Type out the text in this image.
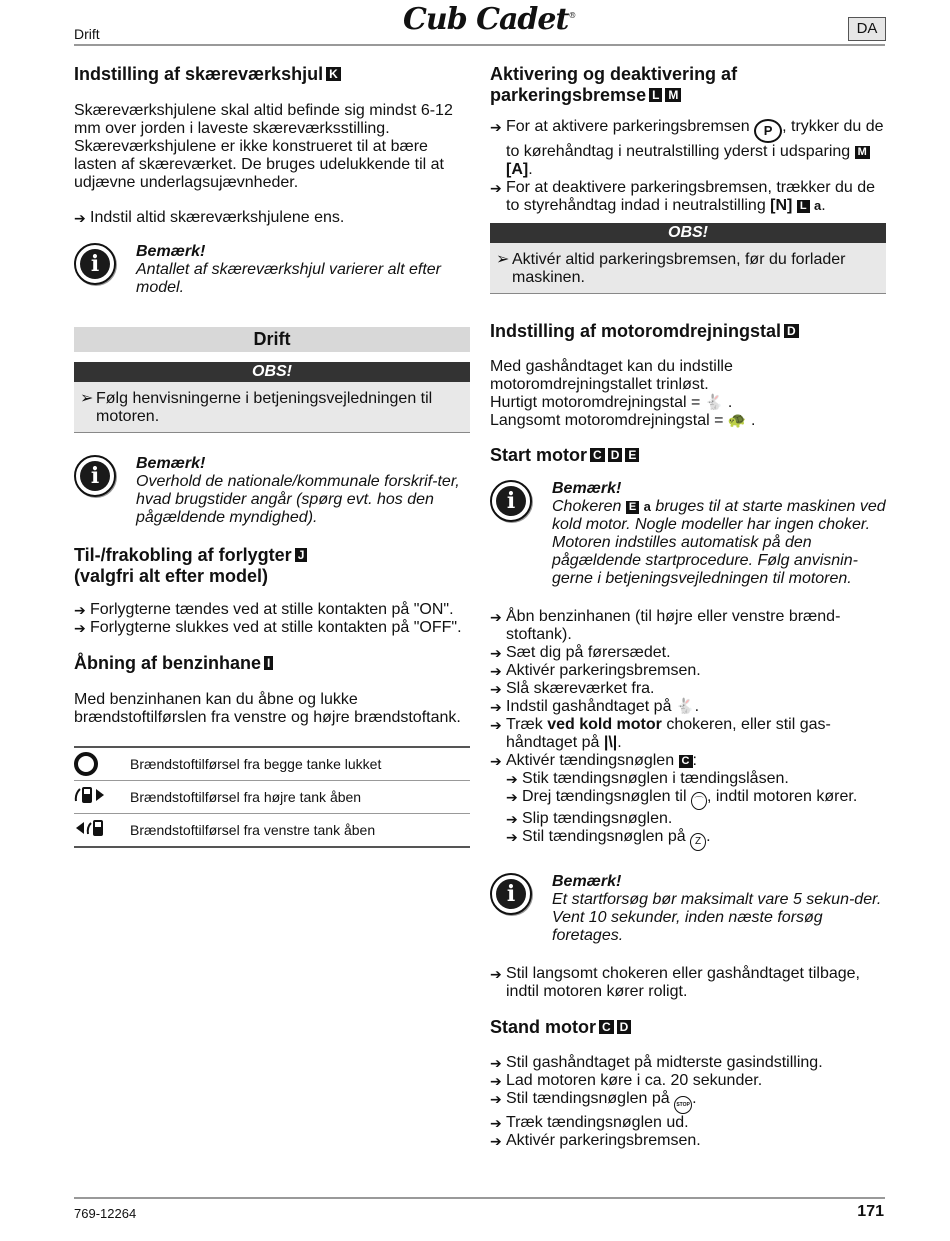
Drift	Cub Cadet®
DA
Indstilling af skæreværkshjul K

Skæreværkshjulene skal altid befinde sig mindst 6-12 mm over jorden i laveste skæreværksstilling. Skæreværkshjulene er ikke konstrueret til at bære lasten af skæreværket. De bruges udelukkende til at udjævne underlagsujævnheder.

➔ Indstil altid skæreværkshjulene ens.
i	Bemærk!
Antallet af skæreværkshjul varierer alt efter model.
Drift
OBS!
➢ Følg henvisningerne i betjeningsvejledningen til motoren.
i	Bemærk!
Overhold de nationale/kommunale forskrif-ter, hvad brugstider angår (spørg evt. hos den pågældende myndighed).
Til-/frakobling af forlygter J
(valgfri alt efter model)
➔ Forlygterne tændes ved at stille kontakten på "ON".
➔ Forlygterne slukkes ved at stille kontakten på "OFF".
Åbning af benzinhane I

Med benzinhanen kan du åbne og lukke brændstoftilførslen fra venstre og højre brændstoftank.

	Brændstoftilførsel fra begge tanke lukket
	Brændstoftilførsel fra højre tank åben
	Brændstoftilførsel fra venstre tank åben
Aktivering og deaktivering af
parkeringsbremse L M
➔ For at aktivere parkeringsbremsen P , trykker du de to kørehåndtag i neutralstilling yderst i udsparing M [A].
➔ For at deaktivere parkeringsbremsen, trækker du de to styrehåndtag indad i neutralstilling [N] L a.
OBS!
➢ Aktivér altid parkeringsbremsen, før du forlader maskinen.
Indstilling af motoromdrejningstal D

Med gashåndtaget kan du indstille

motoromdrejningstallet trinløst.

Hurtigt motoromdrejningstal = 🐇 .

Langsomt motoromdrejningstal = 🐢 .

Start motor C D E
i	Bemærk!
Chokeren E a bruges til at starte maskinen ved kold motor. Nogle modeller har ingen choker. Motoren indstilles automatisk på den pågældende startprocedure. Følg anvisnin-gerne i betjeningsvejledningen til motoren.
➔ Åbn benzinhanen (til højre eller venstre brænd-stoftank).
➔ Sæt dig på førersædet.
➔ Aktivér parkeringsbremsen.
➔ Slå skæreværket fra.
➔ Indstil gashåndtaget på 🐇.
➔ Træk ved kold motor chokeren, eller stil gas-håndtaget på |\|.
➔ Aktivér tændingsnøglen C :
➔ Stik tændingsnøglen i tændingslåsen.
➔ Drej tændingsnøglen til ⌒ , indtil motoren kører.
➔ Slip tændingsnøglen.
➔ Stil tændingsnøglen på Z .
i	Bemærk!
Et startforsøg bør maksimalt vare 5 sekun-der. Vent 10 sekunder, inden næste forsøg foretages.
➔ Stil langsomt chokeren eller gashåndtaget tilbage, indtil motoren kører roligt.
Stand motor C D
➔ Stil gashåndtaget på midterste gasindstilling.
➔ Lad motoren køre i ca. 20 sekunder.
➔ Stil tændingsnøglen på STOP .
➔ Træk tændingsnøglen ud.
➔ Aktivér parkeringsbremsen.
769-12264	171
